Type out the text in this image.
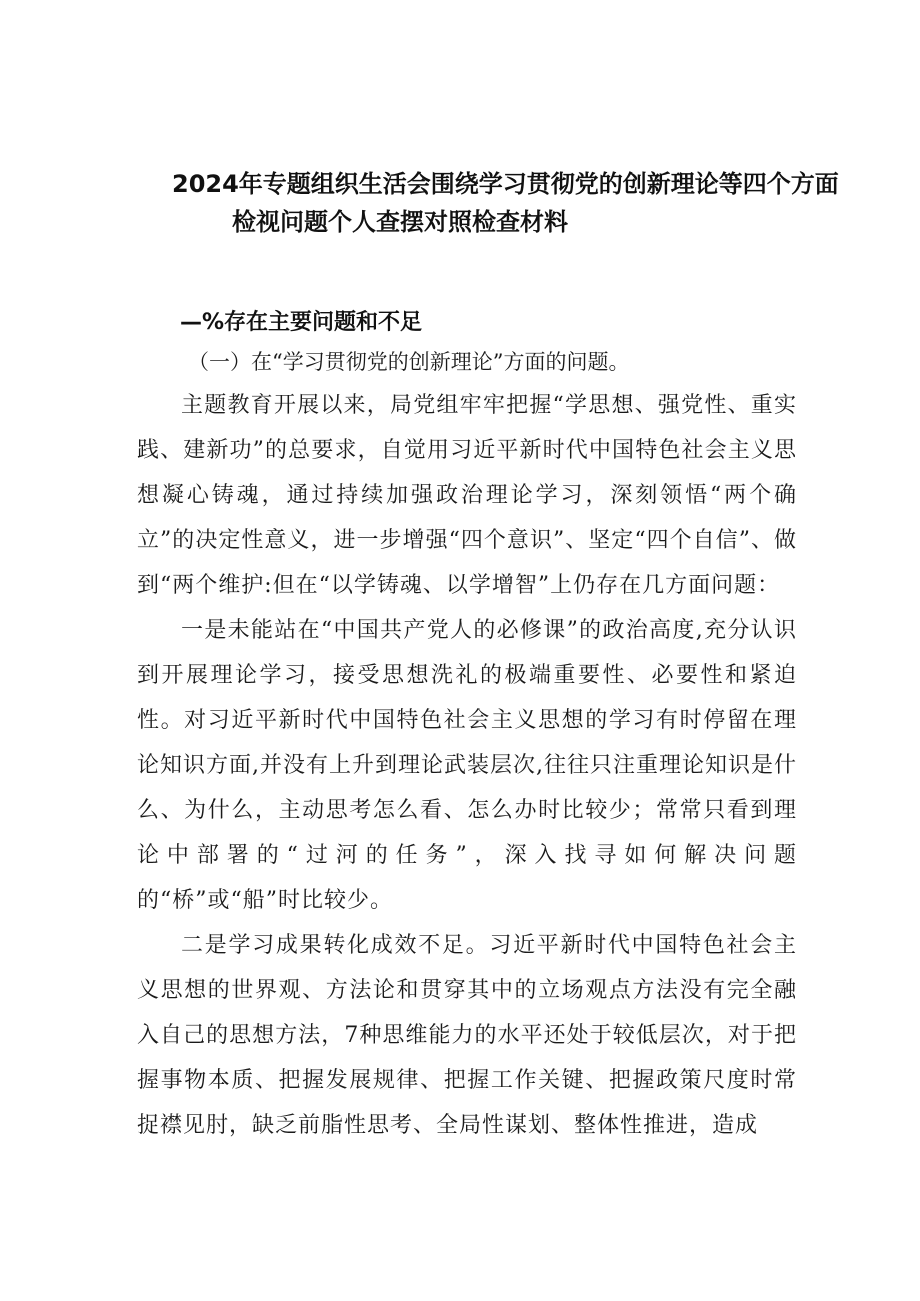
2024年专题组织生活会围绕学习贯彻党的创新理论等四个方面
检视问题个人查摆对照检查材料
—%存在主要问题和不足
（一）在“学习贯彻党的创新理论”方面的问题。

主题教育开展以来，局党组牢牢把握“学思想、强党性、重实践、建新功”的总要求，自觉用习近平新时代中国特色社会主义思想凝心铸魂，通过持续加强政治理论学习，深刻领悟“两个确立”的决定性意义，进一步增强“四个意识”、坚定“四个自信”、做到“两个维护:但在“以学铸魂、以学增智”上仍存在几方面问题：

一是未能站在“中国共产党人的必修课”的政治高度,充分认识到开展理论学习，接受思想洗礼的极端重要性、必要性和紧迫性。对习近平新时代中国特色社会主义思想的学习有时停留在理论知识方面,并没有上升到理论武装层次,往往只注重理论知识是什么、为什么，主动思考怎么看、怎么办时比较少；常常只看到理论中部署的“过河的任务”，深入找寻如何解决问题的“桥”或“船”时比较少。

二是学习成果转化成效不足。习近平新时代中国特色社会主义思想的世界观、方法论和贯穿其中的立场观点方法没有完全融入自己的思想方法，7种思维能力的水平还处于较低层次，对于把握事物本质、把握发展规律、把握工作关键、把握政策尺度时常捉襟见肘，缺乏前脂性思考、全局性谋划、整体性推进，造成
